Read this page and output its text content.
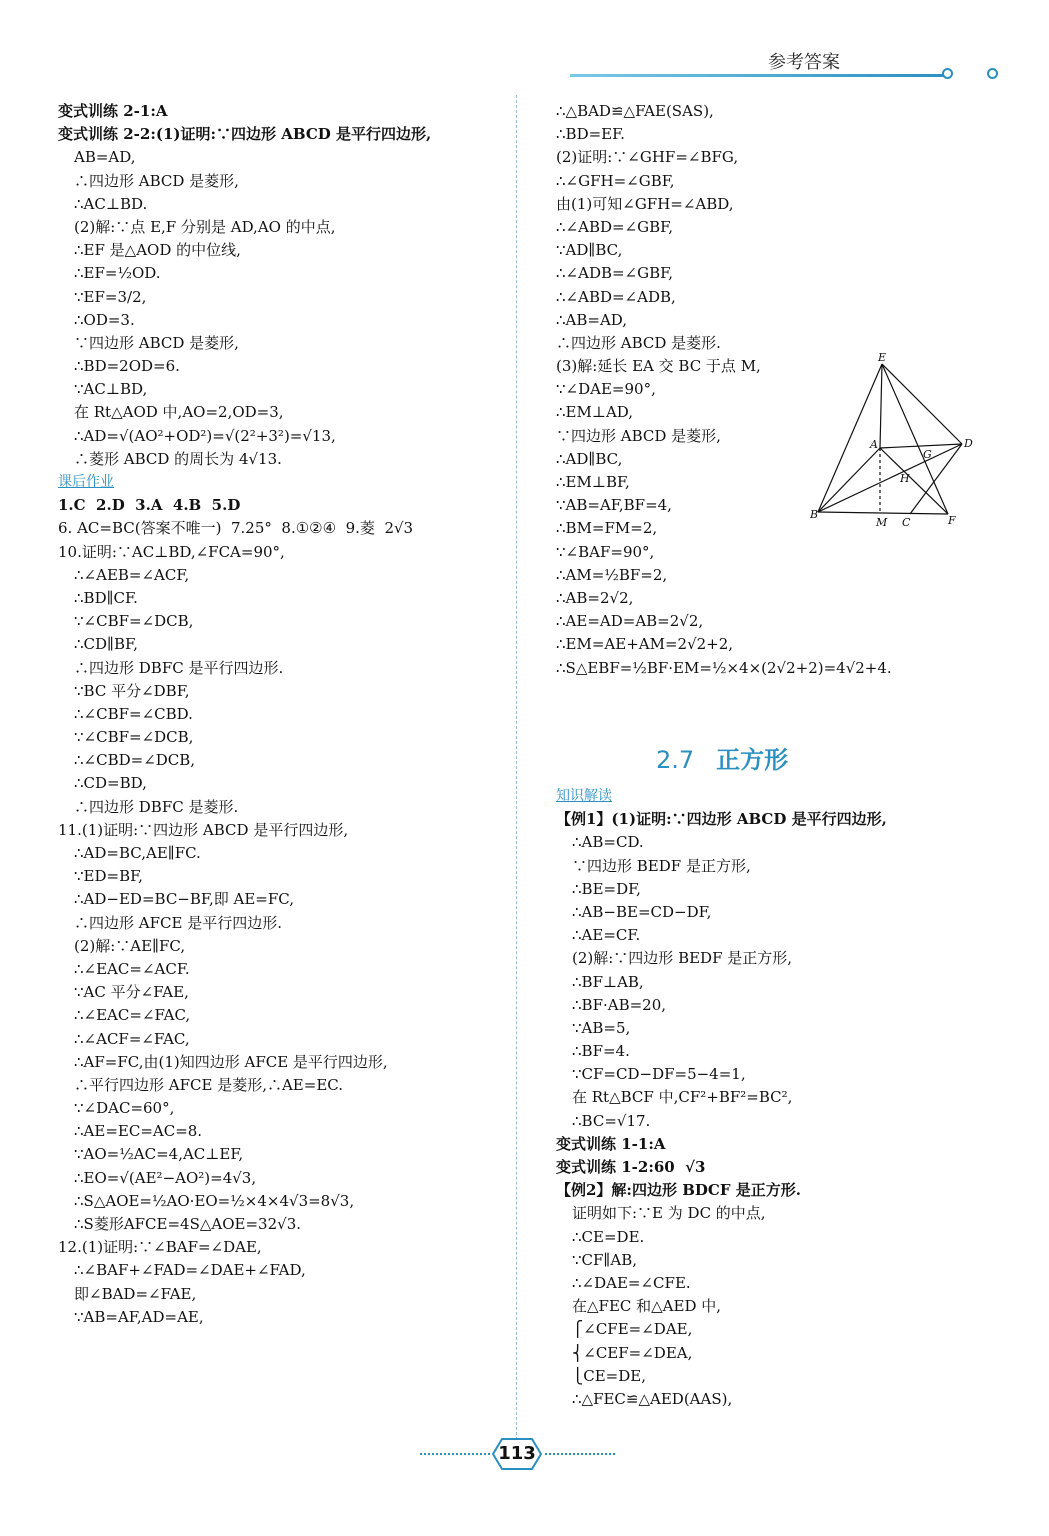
参考答案
变式训练 2-1:A
变式训练 2-2:(1)证明:∵四边形 ABCD 是平行四边形,
AB=AD,
∴四边形 ABCD 是菱形,
∴AC⊥BD.
(2)解:∵点 E,F 分别是 AD,AO 的中点,
∴EF 是△AOD 的中位线,
∴EF=½OD.
∵EF=3/2,
∴OD=3.
∵四边形 ABCD 是菱形,
∴BD=2OD=6.
∵AC⊥BD,
在 Rt△AOD 中,AO=2,OD=3,
∴AD=√(AO²+OD²)=√(2²+3²)=√13,
∴菱形 ABCD 的周长为 4√13.
课后作业
1.C  2.D  3.A  4.B  5.D
6. AC=BC(答案不唯一)  7.25°  8.①②④  9.菱  2√3
10.证明:∵AC⊥BD,∠FCA=90°,
∴∠AEB=∠ACF,
∴BD∥CF.
∵∠CBF=∠DCB,
∴CD∥BF,
∴四边形 DBFC 是平行四边形.
∵BC 平分∠DBF,
∴∠CBF=∠CBD.
∵∠CBF=∠DCB,
∴∠CBD=∠DCB,
∴CD=BD,
∴四边形 DBFC 是菱形.
11.(1)证明:∵四边形 ABCD 是平行四边形,
∴AD=BC,AE∥FC.
∵ED=BF,
∴AD−ED=BC−BF,即 AE=FC,
∴四边形 AFCE 是平行四边形.
(2)解:∵AE∥FC,
∴∠EAC=∠ACF.
∵AC 平分∠FAE,
∴∠EAC=∠FAC,
∴∠ACF=∠FAC,
∴AF=FC,由(1)知四边形 AFCE 是平行四边形,
∴平行四边形 AFCE 是菱形,∴AE=EC.
∵∠DAC=60°,
∴AE=EC=AC=8.
∵AO=½AC=4,AC⊥EF,
∴EO=√(AE²−AO²)=4√3,
∴S△AOE=½AO·EO=½×4×4√3=8√3,
∴S菱形AFCE=4S△AOE=32√3.
12.(1)证明:∵∠BAF=∠DAE,
∴∠BAF+∠FAD=∠DAE+∠FAD,
即∠BAD=∠FAE,
∵AB=AF,AD=AE,
∴△BAD≌△FAE(SAS),
∴BD=EF.
(2)证明:∵∠GHF=∠BFG,
∴∠GFH=∠GBF,
由(1)可知∠GFH=∠ABD,
∴∠ABD=∠GBF,
∵AD∥BC,
∴∠ADB=∠GBF,
∴∠ABD=∠ADB,
∴AB=AD,
∴四边形 ABCD 是菱形.
(3)解:延长 EA 交 BC 于点 M,
∵∠DAE=90°,
∴EM⊥AD,
∵四边形 ABCD 是菱形,
∴AD∥BC,
∴EM⊥BF,
∵AB=AF,BF=4,
∴BM=FM=2,
∵∠BAF=90°,
∴AM=½BF=2,
∴AB=2√2,
∴AE=AD=AB=2√2,
∴EM=AE+AM=2√2+2,
∴S△EBF=½BF·EM=½×4×(2√2+2)=4√2+4.
2.7 正方形
知识解读
【例1】(1)证明:∵四边形 ABCD 是平行四边形,
∴AB=CD.
∵四边形 BEDF 是正方形,
∴BE=DF,
∴AB−BE=CD−DF,
∴AE=CF.
(2)解:∵四边形 BEDF 是正方形,
∴BF⊥AB,
∴BF·AB=20,
∵AB=5,
∴BF=4.
∵CF=CD−DF=5−4=1,
在 Rt△BCF 中,CF²+BF²=BC²,
∴BC=√17.
变式训练 1-1:A
变式训练 1-2:60  √3
【例2】解:四边形 BDCF 是正方形.
证明如下:∵E 为 DC 的中点,
∴CE=DE.
∵CF∥AB,
∴∠DAE=∠CFE.
在△FEC 和△AED 中,
⎧∠CFE=∠DAE,
⎨∠CEF=∠DEA,
⎩CE=DE,
∴△FEC≌△AED(AAS),
E
A	D
G
H
B
M C	F
113
